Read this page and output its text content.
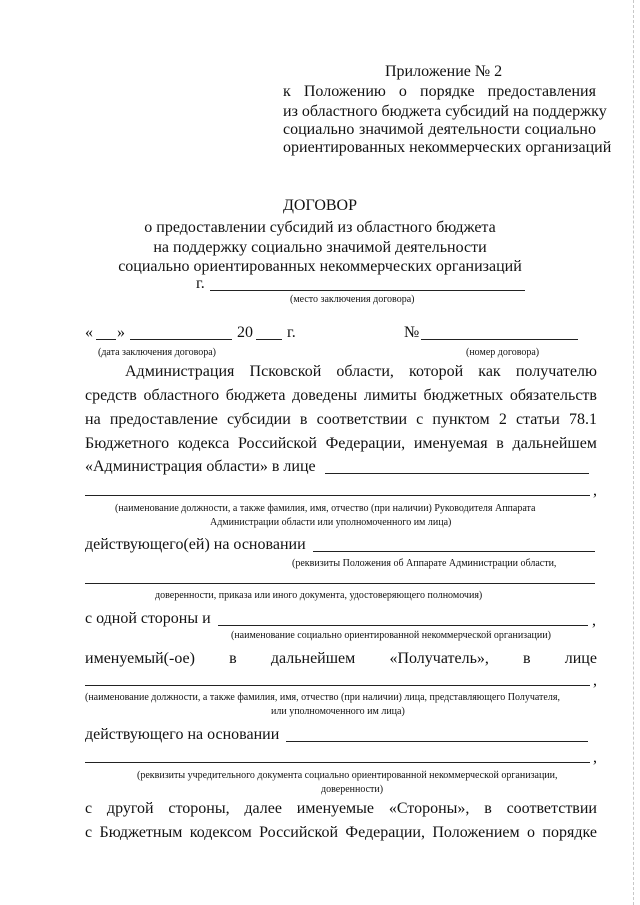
Приложение № 2
к Положению о порядке предоставления
из областного бюджета субсидий на поддержку
социально значимой деятельности социально
ориентированных некоммерческих организаций
ДОГОВОР
о предоставлении субсидий из областного бюджета
на поддержку социально значимой деятельности
социально ориентированных некоммерческих организаций
г.
(место заключения договора)
« »	20 г.	№
(дата заключения договора)	(номер договора)
Администрация Псковской области, которой как получателю
средств областного бюджета доведены лимиты бюджетных обязательств
на предоставление субсидии в соответствии с пунктом 2 статьи 78.1
Бюджетного кодекса Российской Федерации, именуемая в дальнейшем
«Администрация области» в лице
,
(наименование должности, а также фамилия, имя, отчество (при наличии) Руководителя Аппарата
Администрации области или уполномоченного им лица)
действующего(ей) на основании
(реквизиты Положения об Аппарате Администрации области,
доверенности, приказа или иного документа, удостоверяющего полномочия)
с одной стороны и	,
(наименование социально ориентированной некоммерческой организации)
именуемый(-ое) в дальнейшем «Получатель», в лице
,
(наименование должности, а также фамилия, имя, отчество (при наличии) лица, представляющего Получателя,
или уполномоченного им лица)
действующего на основании
,
(реквизиты учредительного документа социально ориентированной некоммерческой организации,
доверенности)
с другой стороны, далее именуемые «Стороны», в соответствии
с Бюджетным кодексом Российской Федерации, Положением о порядке
